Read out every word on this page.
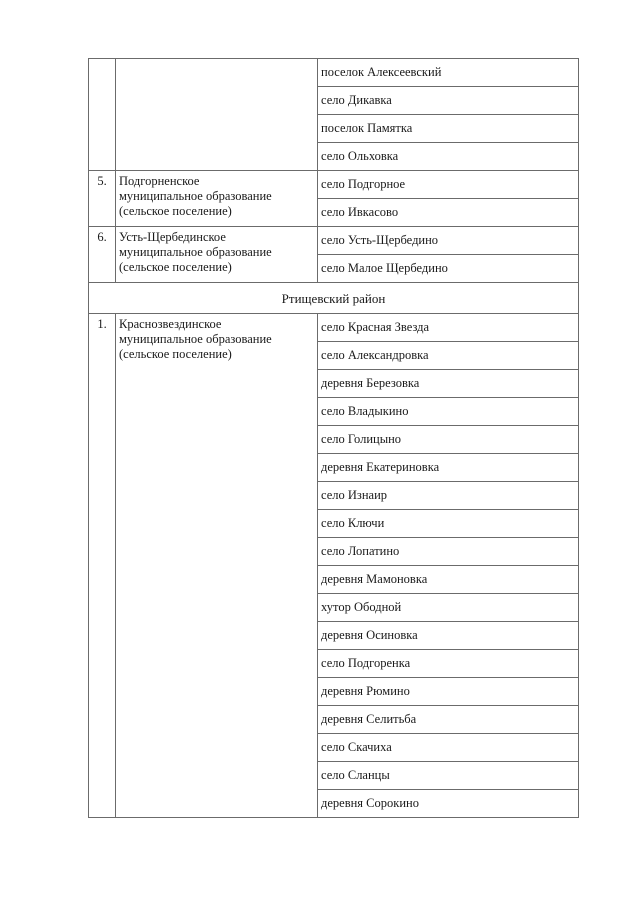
		поселок Алексеевский
		село Дикавка
		поселок Памятка
		село Ольховка
5.	Подгорненское
муниципальное образование
(сельское поселение)	село Подгорное
		село Ивкасово
6.	Усть-Щербединское
муниципальное образование
(сельское поселение)	село Усть-Щербедино
		село Малое Щербедино
Ртищевский район		
1.	Краснозвездинское
муниципальное образование
(сельское поселение)	село Красная Звезда
		село Александровка
		деревня Березовка
		село Владыкино
		село Голицыно
		деревня Екатериновка
		село Изнаир
		село Ключи
		село Лопатино
		деревня Мамоновка
		хутор Ободной
		деревня Осиновка
		село Подгоренка
		деревня Рюмино
		деревня Селитьба
		село Скачиха
		село Сланцы
		деревня Сорокино
